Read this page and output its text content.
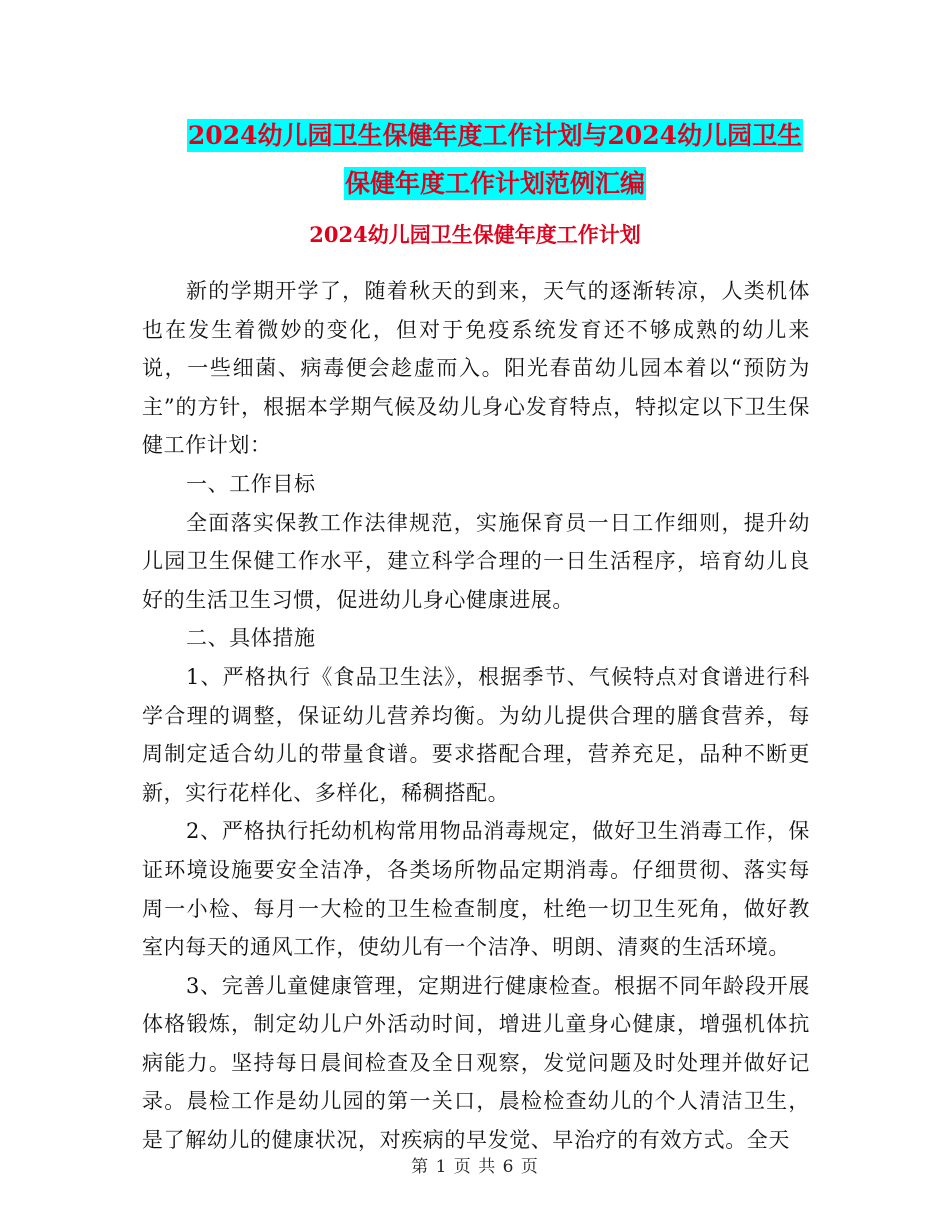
2024幼儿园卫生保健年度工作计划与2024幼儿园卫生
保健年度工作计划范例汇编
2024幼儿园卫生保健年度工作计划

新的学期开学了，随着秋天的到来，天气的逐渐转凉，人类机体也在发生着微妙的变化，但对于免疫系统发育还不够成熟的幼儿来说，一些细菌、病毒便会趁虚而入。阳光春苗幼儿园本着以“预防为主”的方针，根据本学期气候及幼儿身心发育特点，特拟定以下卫生保健工作计划：

一、工作目标

全面落实保教工作法律规范，实施保育员一日工作细则，提升幼儿园卫生保健工作水平，建立科学合理的一日生活程序，培育幼儿良好的生活卫生习惯，促进幼儿身心健康进展。

二、具体措施

1、严格执行《食品卫生法》，根据季节、气候特点对食谱进行科学合理的调整，保证幼儿营养均衡。为幼儿提供合理的膳食营养，每周制定适合幼儿的带量食谱。要求搭配合理，营养充足，品种不断更新，实行花样化、多样化，稀稠搭配。

2、严格执行托幼机构常用物品消毒规定，做好卫生消毒工作，保证环境设施要安全洁净，各类场所物品定期消毒。仔细贯彻、落实每周一小检、每月一大检的卫生检查制度，杜绝一切卫生死角，做好教室内每天的通风工作，使幼儿有一个洁净、明朗、清爽的生活环境。

3、完善儿童健康管理，定期进行健康检查。根据不同年龄段开展体格锻炼，制定幼儿户外活动时间，增进儿童身心健康，增强机体抗病能力。坚持每日晨间检查及全日观察，发觉问题及时处理并做好记录。晨检工作是幼儿园的第一关口，晨检检查幼儿的个人清洁卫生，是了解幼儿的健康状况，对疾病的早发觉、早治疗的有效方式。全天

第 1 页 共 6 页
